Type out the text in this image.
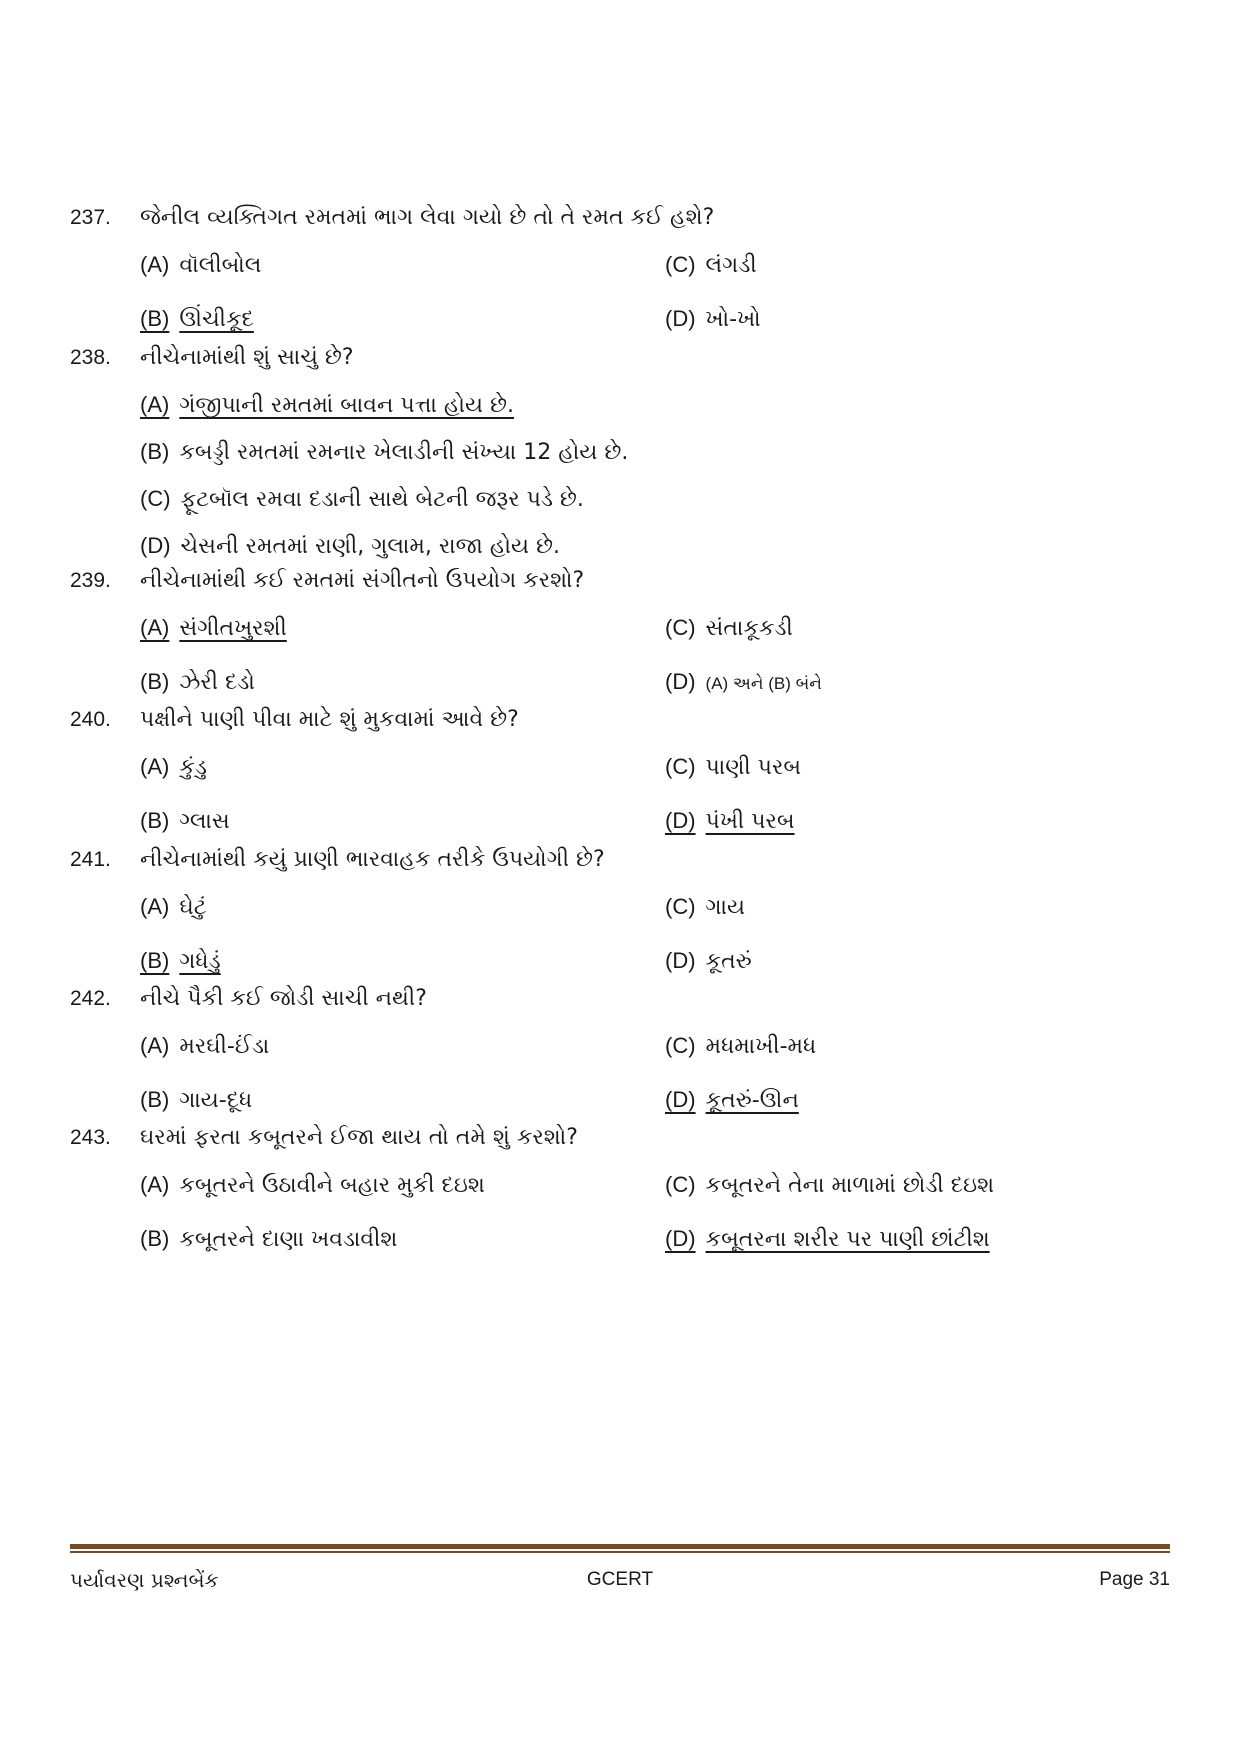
237. જેનીલ વ્યક્તિગત રમતમાં ભાગ લેવા ગયો છે તો તે રમત કઈ હશે?
(A) વૉલીબોલ	(C) લંગડી
(B) ઊંચીકૂદ	(D) ખો-ખો
238. નીચેનામાંથી શું સાચું છે?
(A) ગંજીપાની રમતમાં બાવન પત્તા હોય છે.
(B) કબડ્ડી રમતમાં રમનાર ખેલાડીની સંખ્યા 12 હોય છે.
(C) ફૂટબૉલ રમવા દડાની સાથે બેટની જરૂર પડે છે.
(D) ચેસની રમતમાં રાણી, ગુલામ, રાજા હોય છે.
239. નીચેનામાંથી કઈ રમતમાં સંગીતનો ઉપયોગ કરશો?
(A) સંગીતખુરશી	(C) સંતાકૂકડી
(B) ઝેરી દડો	(D) (A) અને (B) બંને
240. પક્ષીને પાણી પીવા માટે શું મુકવામાં આવે છે?
(A) કુંડુ	(C) પાણી પરબ
(B) ગ્લાસ	(D) પંખી પરબ
241. નીચેનામાંથી કયું પ્રાણી ભારવાહક તરીકે ઉપયોગી છે?
(A) ઘેટું	(C) ગાય
(B) ગધેડું	(D) કૂતરું
242. નીચે પૈકી કઈ જોડી સાચી નથી?
(A) મરઘી-ઈંડા	(C) મધમાખી-મધ
(B) ગાય-દૂધ	(D) કૂતરું-ઊન
243. ઘરમાં ફરતા કબૂતરને ઈજા થાય તો તમે શું કરશો?
(A) કબૂતરને ઉઠાવીને બહાર મુકી દઇશ	(C) કબૂતરને તેના માળામાં છોડી દઇશ
(B) કબૂતરને દાણા ખવડાવીશ	(D) કબૂતરના શરીર પર પાણી છાંટીશ
પર્યાવરણ પ્રશ્નબેંક	GCERT	Page 31
